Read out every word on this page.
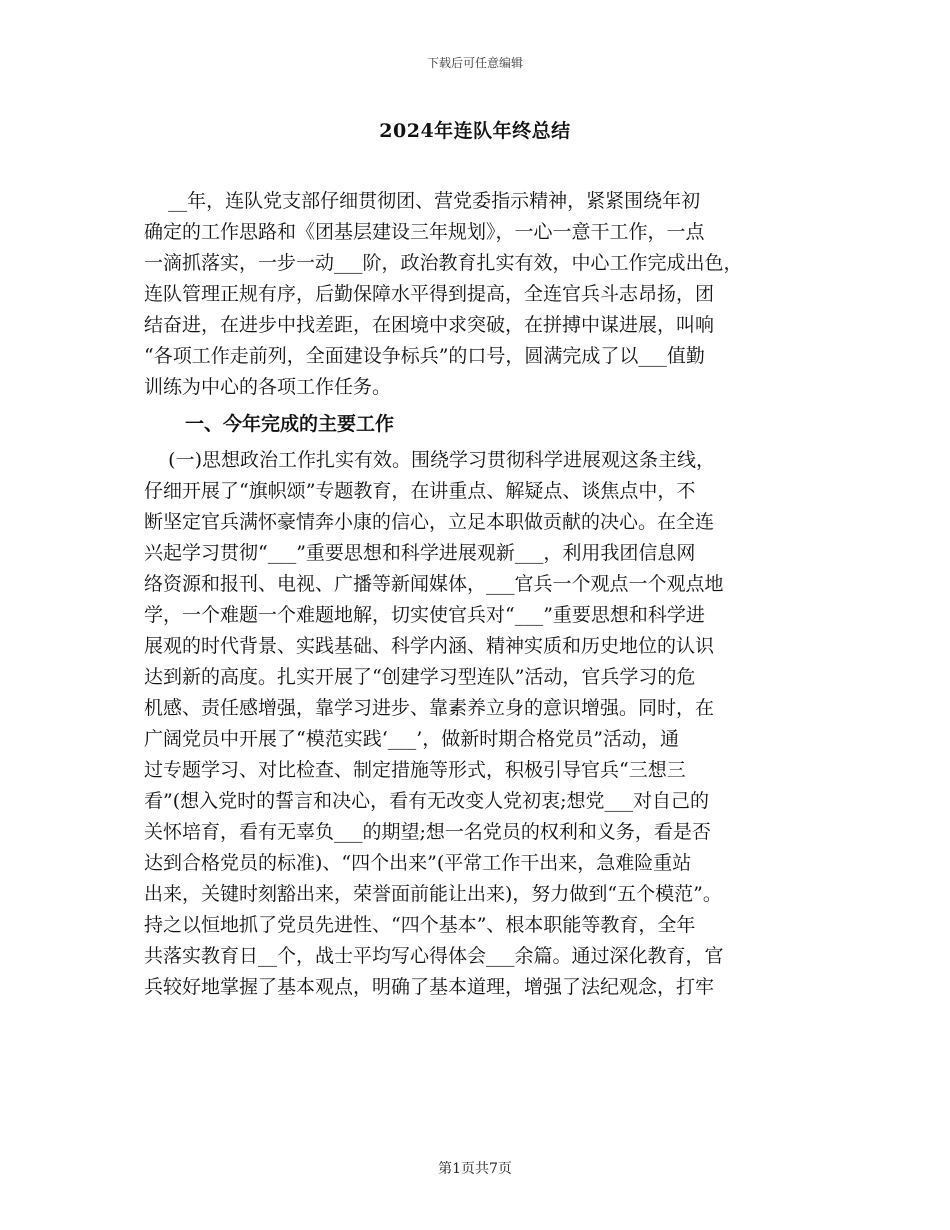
下载后可任意编辑
2024年连队年终总结
__年，连队党支部仔细贯彻团、营党委指示精神，紧紧围绕年初
确定的工作思路和《团基层建设三年规划》，一心一意干工作，一点
一滴抓落实，一步一动___阶，政治教育扎实有效，中心工作完成出色，
连队管理正规有序，后勤保障水平得到提高，全连官兵斗志昂扬，团
结奋进，在进步中找差距，在困境中求突破，在拼搏中谋进展，叫响
“各项工作走前列，全面建设争标兵”的口号，圆满完成了以___值勤
训练为中心的各项工作任务。
一、今年完成的主要工作
(一)思想政治工作扎实有效。围绕学习贯彻科学进展观这条主线，
仔细开展了“旗帜颂”专题教育，在讲重点、解疑点、谈焦点中，不
断坚定官兵满怀豪情奔小康的信心，立足本职做贡献的决心。在全连
兴起学习贯彻“___”重要思想和科学进展观新___，利用我团信息网
络资源和报刊、电视、广播等新闻媒体，___官兵一个观点一个观点地
学，一个难题一个难题地解，切实使官兵对“___”重要思想和科学进
展观的时代背景、实践基础、科学内涵、精神实质和历史地位的认识
达到新的高度。扎实开展了“创建学习型连队”活动，官兵学习的危
机感、责任感增强，靠学习进步、靠素养立身的意识增强。同时，在
广阔党员中开展了“模范实践‘___’，做新时期合格党员”活动，通
过专题学习、对比检查、制定措施等形式，积极引导官兵“三想三
看”(想入党时的誓言和决心，看有无改变人党初衷;想党___对自己的
关怀培育，看有无辜负___的期望;想一名党员的权利和义务，看是否
达到合格党员的标准)、“四个出来”(平常工作干出来，急难险重站
出来，关键时刻豁出来，荣誉面前能让出来)，努力做到“五个模范”。
持之以恒地抓了党员先进性、“四个基本”、根本职能等教育，全年
共落实教育日__个，战士平均写心得体会___余篇。通过深化教育，官
兵较好地掌握了基本观点，明确了基本道理，增强了法纪观念，打牢
第1页共7页
